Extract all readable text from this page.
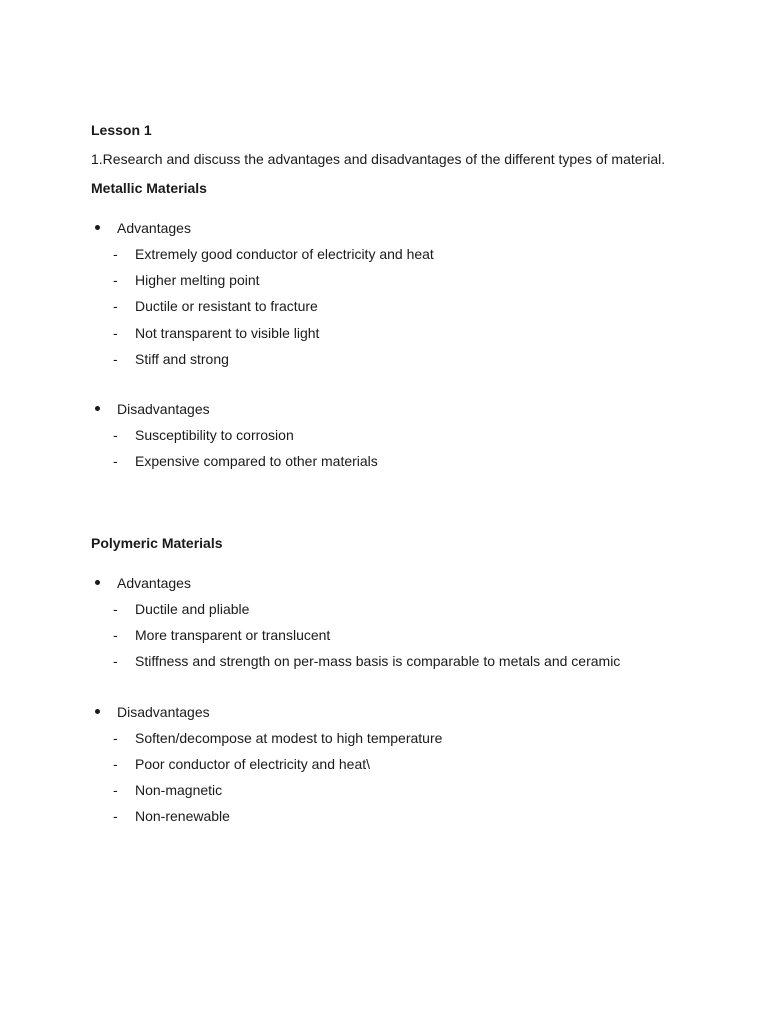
Lesson 1
1.Research and discuss the advantages and disadvantages of the different types of material.
Metallic Materials
Advantages
- Extremely good conductor of electricity and heat
- Higher melting point
- Ductile or resistant to fracture
- Not transparent to visible light
- Stiff and strong
Disadvantages
- Susceptibility to corrosion
- Expensive compared to other materials
Polymeric Materials
Advantages
- Ductile and pliable
- More transparent or translucent
- Stiffness and strength on per-mass basis is comparable to metals and ceramic
Disadvantages
- Soften/decompose at modest to high temperature
- Poor conductor of electricity and heat\
- Non-magnetic
- Non-renewable
